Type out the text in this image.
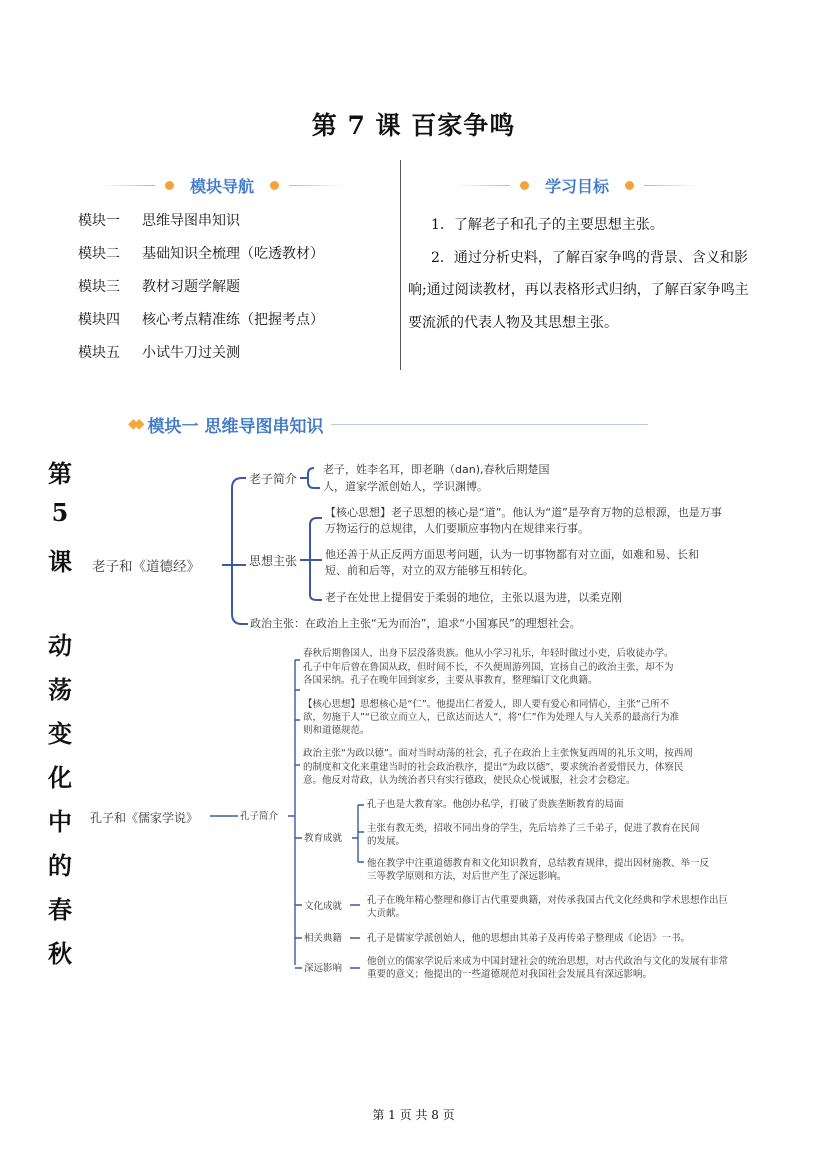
第 7 课 百家争鸣
模块导航	学习目标
模块一	思维导图串知识
模块二	基础知识全梳理（吃透教材）
模块三	教材习题学解题
模块四	核心考点精准练（把握考点）
模块五	小试牛刀过关测

1．了解老子和孔子的主要思想主张。

2．通过分析史料，了解百家争鸣的背景、含义和影响;通过阅读教材，再以表格形式归纳，了解百家争鸣主要流派的代表人物及其思想主张。

◆◆ 模块一 思维导图串知识
第
5
课
动
荡
变
化
中
的
春
秋
老子和《道德经》
老子简介
老子，姓李名耳，即老聃（dan),春秋后期楚国
人，道家学派创始人，学识渊博。
思想主张
【核心思想】老子思想的核心是“道”。他认为“道”是孕育万物的总根源，也是万事
万物运行的总规律，人们要顺应事物内在规律来行事。
他还善于从正反两方面思考问题，认为一切事物都有对立面，如难和易、长和
短、前和后等，对立的双方能够互相转化。
老子在处世上提倡安于柔弱的地位，主张以退为进，以柔克刚
政治主张：在政治上主张“无为而治”，追求“小国寡民”的理想社会。
孔子和《儒家学说》	孔子简介
春秋后期鲁国人，出身下层没落贵族。他从小学习礼乐，年轻时做过小吏，后收徒办学。
孔子中年后曾在鲁国从政，但时间不长，不久便周游列国，宣扬自己的政治主张，却不为
各国采纳。孔子在晚年回到家乡，主要从事教育，整理编订文化典籍。
【核心思想】思想核心是“仁”。他提出仁者爱人，即人要有爱心和同情心，主张“己所不
欲，勿施于人”“已欲立而立人，已欲达而达人”，将“仁”作为处理人与人关系的最高行为准
则和道德规范。
政治主张“为政以德”。面对当时动荡的社会，孔子在政治上主张恢复西周的礼乐文明，按西周
的制度和文化来重建当时的社会政治秩序，提出“为政以德”，要求统治者爱惜民力，体察民
意。他反对苛政，认为统治者只有实行德政，使民众心悦诚服，社会才会稳定。
教育成就
孔子也是大教育家。他创办私学，打破了贵族垄断教育的局面
主张有教无类，招收不同出身的学生，先后培养了三千弟子，促进了教育在民间
的发展。
他在教学中注重道德教育和文化知识教育，总结教育规律，提出因材施教、举一反
三等教学原则和方法，对后世产生了深远影响。
文化成就
孔子在晚年精心整理和修订古代重要典籍，对传承我国古代文化经典和学术思想作出巨
大贡献。
相关典籍	孔子是儒家学派创始人，他的思想由其弟子及再传弟子整理成《论语》一书。
深远影响
他创立的儒家学说后来成为中国封建社会的统治思想，对古代政治与文化的发展有非常
重要的意义；他提出的一些道德规范对我国社会发展具有深远影响。
第 1 页 共 8 页
